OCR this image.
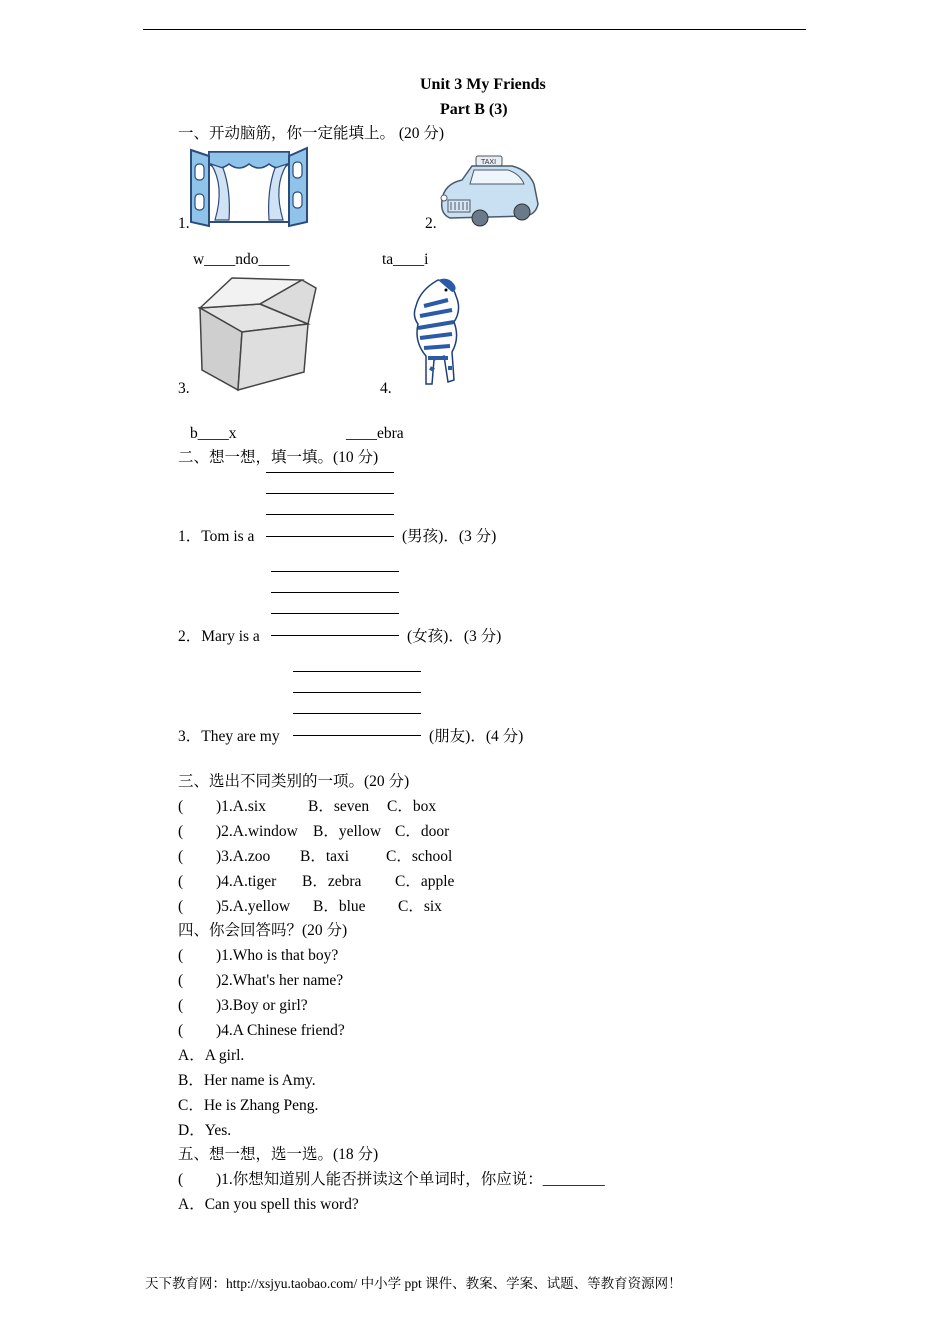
Unit 3 My Friends
Part B (3)
一、开动脑筋，你一定能填上。 (20 分)
1.	2.
TAXI
w____ndo____	ta____i
3.	4.
b____x	____ebra
二、想一想，填一填。(10 分)
1．Tom is a	(男孩)．(3 分)
2．Mary is a	(女孩)．(3 分)
3．They are my	(朋友)．(4 分)
三、选出不同类别的一项。(20 分)
( )1.A.six	B．seven C．box
( )2.A.window B．yellow C．door
( )3.A.zoo B．taxi C．school
( )4.A.tiger B．zebra C．apple
( )5.A.yellow B．blue C．six
四、你会回答吗？(20 分)
( )1.Who is that boy?
( )2.What's her name?
( )3.Boy or girl?
( )4.A Chinese friend?
A．A girl.
B．Her name is Amy.
C．He is Zhang Peng.
D．Yes.
五、想一想，选一选。(18 分)
( )1.你想知道别人能否拼读这个单词时，你应说：________
A．Can you spell this word?
天下教育网：http://xsjyu.taobao.com/ 中小学 ppt 课件、教案、学案、试题、等教育资源网！
